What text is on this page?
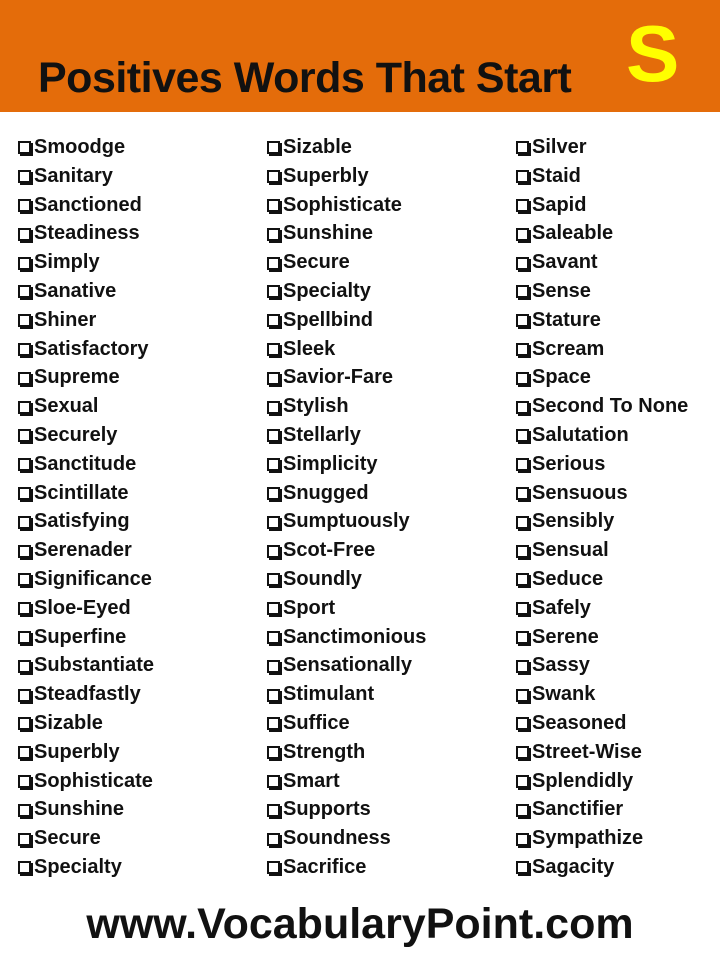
Positives Words That Start S
Smoodge
Sanitary
Sanctioned
Steadiness
Simply
Sanative
Shiner
Satisfactory
Supreme
Sexual
Securely
Sanctitude
Scintillate
Satisfying
Serenader
Significance
Sloe-Eyed
Superfine
Substantiate
Steadfastly
Sizable
Superbly
Sophisticate
Sunshine
Secure
Specialty
Sizable
Superbly
Sophisticate
Sunshine
Secure
Specialty
Spellbind
Sleek
Savior-Fare
Stylish
Stellarly
Simplicity
Snugged
Sumptuously
Scot-Free
Soundly
Sport
Sanctimonious
Sensationally
Stimulant
Suffice
Strength
Smart
Supports
Soundness
Sacrifice
Silver
Staid
Sapid
Saleable
Savant
Sense
Stature
Scream
Space
Second To None
Salutation
Serious
Sensuous
Sensibly
Sensual
Seduce
Safely
Serene
Sassy
Swank
Seasoned
Street-Wise
Splendidly
Sanctifier
Sympathize
Sagacity
www.VocabularyPoint.com
